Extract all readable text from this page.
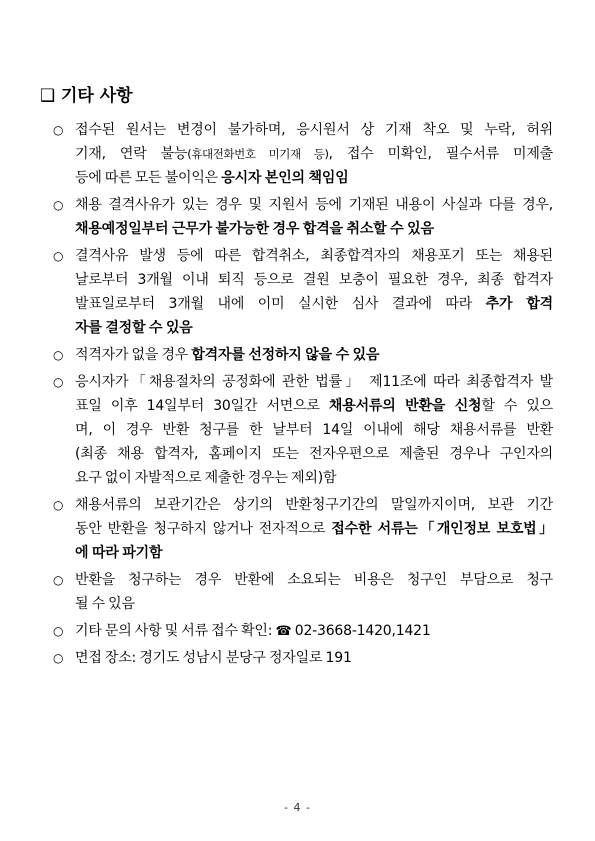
❑ 기타 사항
○ 접수된 원서는 변경이 불가하며, 응시원서 상 기재 착오 및 누락, 허위
기재, 연락 불능(휴대전화번호 미기재 등), 접수 미확인, 필수서류 미제출
등에 따른 모든 불이익은 응시자 본인의 책임임
○ 채용 결격사유가 있는 경우 및 지원서 등에 기재된 내용이 사실과 다를 경우,
채용예정일부터 근무가 불가능한 경우 합격을 취소할 수 있음
○ 결격사유 발생 등에 따른 합격취소, 최종합격자의 채용포기 또는 채용된
날로부터 3개월 이내 퇴직 등으로 결원 보충이 필요한 경우, 최종 합격자
발표일로부터 3개월 내에 이미 실시한 심사 결과에 따라 추가 합격
자를 결정할 수 있음
○ 적격자가 없을 경우 합격자를 선정하지 않을 수 있음
○ 응시자가「채용절차의 공정화에 관한 법률」 제11조에 따라 최종합격자 발
표일 이후 14일부터 30일간 서면으로 채용서류의 반환을 신청할 수 있으
며, 이 경우 반환 청구를 한 날부터 14일 이내에 해당 채용서류를 반환
(최종 채용 합격자, 홈페이지 또는 전자우편으로 제출된 경우나 구인자의
요구 없이 자발적으로 제출한 경우는 제외)함
○ 채용서류의 보관기간은 상기의 반환청구기간의 말일까지이며, 보관 기간
동안 반환을 청구하지 않거나 전자적으로 접수한 서류는「개인정보 보호법」
에 따라 파기함
○ 반환을 청구하는 경우 반환에 소요되는 비용은 청구인 부담으로 청구
될 수 있음
○ 기타 문의 사항 및 서류 접수 확인: ☎ 02-3668-1420,1421
○ 면접 장소: 경기도 성남시 분당구 정자일로 191
- 4 -
